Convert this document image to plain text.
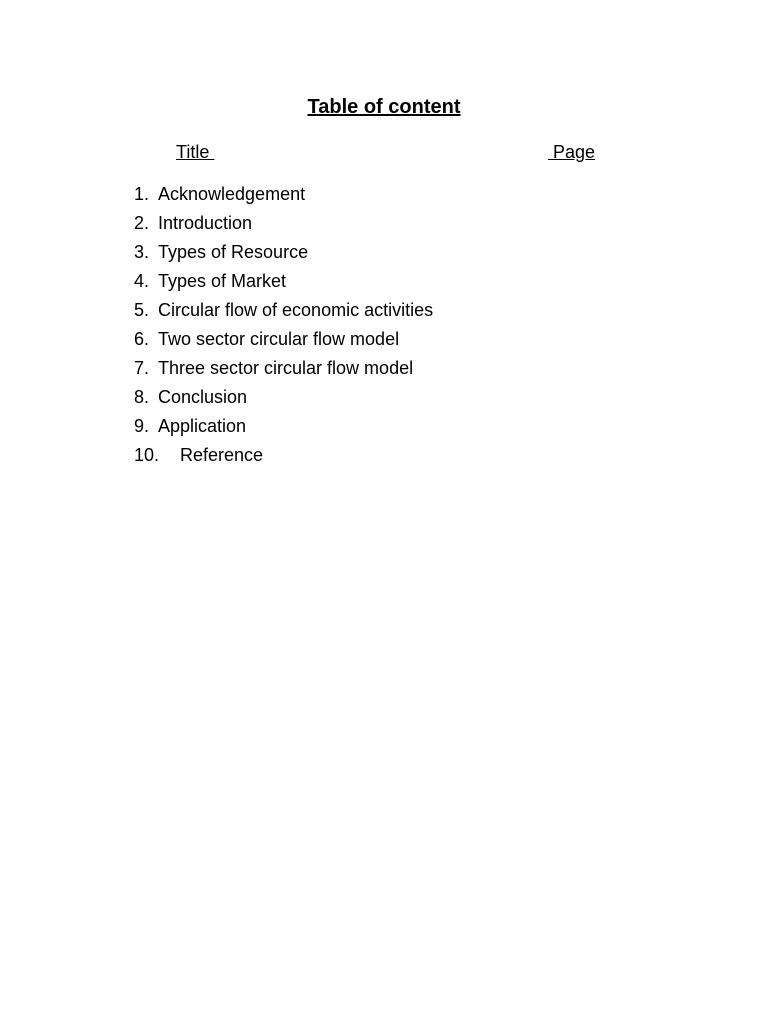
Table of content
Title	Page
1. Acknowledgement
2. Introduction
3. Types of Resource
4. Types of Market
5. Circular flow of economic activities
6. Two sector circular flow model
7. Three sector circular flow model
8. Conclusion
9. Application
10.	Reference
